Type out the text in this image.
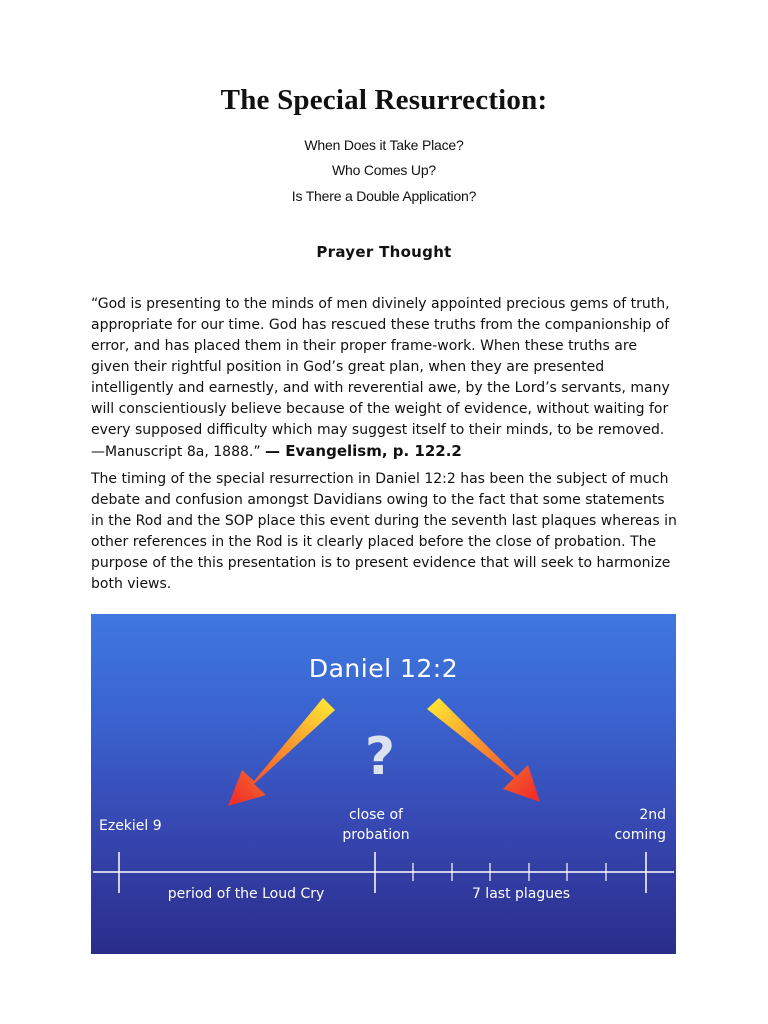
The Special Resurrection:
When Does it Take Place?
Who Comes Up?
Is There a Double Application?
Prayer Thought
“God is presenting to the minds of men divinely appointed precious gems of truth, appropriate for our time. God has rescued these truths from the companionship of error, and has placed them in their proper frame-work. When these truths are given their rightful position in God’s great plan, when they are presented intelligently and earnestly, and with reverential awe, by the Lord’s servants, many will conscientiously believe because of the weight of evidence, without waiting for every supposed difficulty which may suggest itself to their minds, to be removed.—Manuscript 8a, 1888.” — Evangelism, p. 122.2
The timing of the special resurrection in Daniel 12:2 has been the subject of much debate and confusion amongst Davidians owing to the fact that some statements in the Rod and the SOP place this event during the seventh last plaques whereas in other references in the Rod is it clearly placed before the close of probation. The purpose of the this presentation is to present evidence that will seek to harmonize both views.
?
Daniel 12:2
Ezekiel 9
close of
probation
2nd
coming
period of the Loud Cry	7 last plagues
